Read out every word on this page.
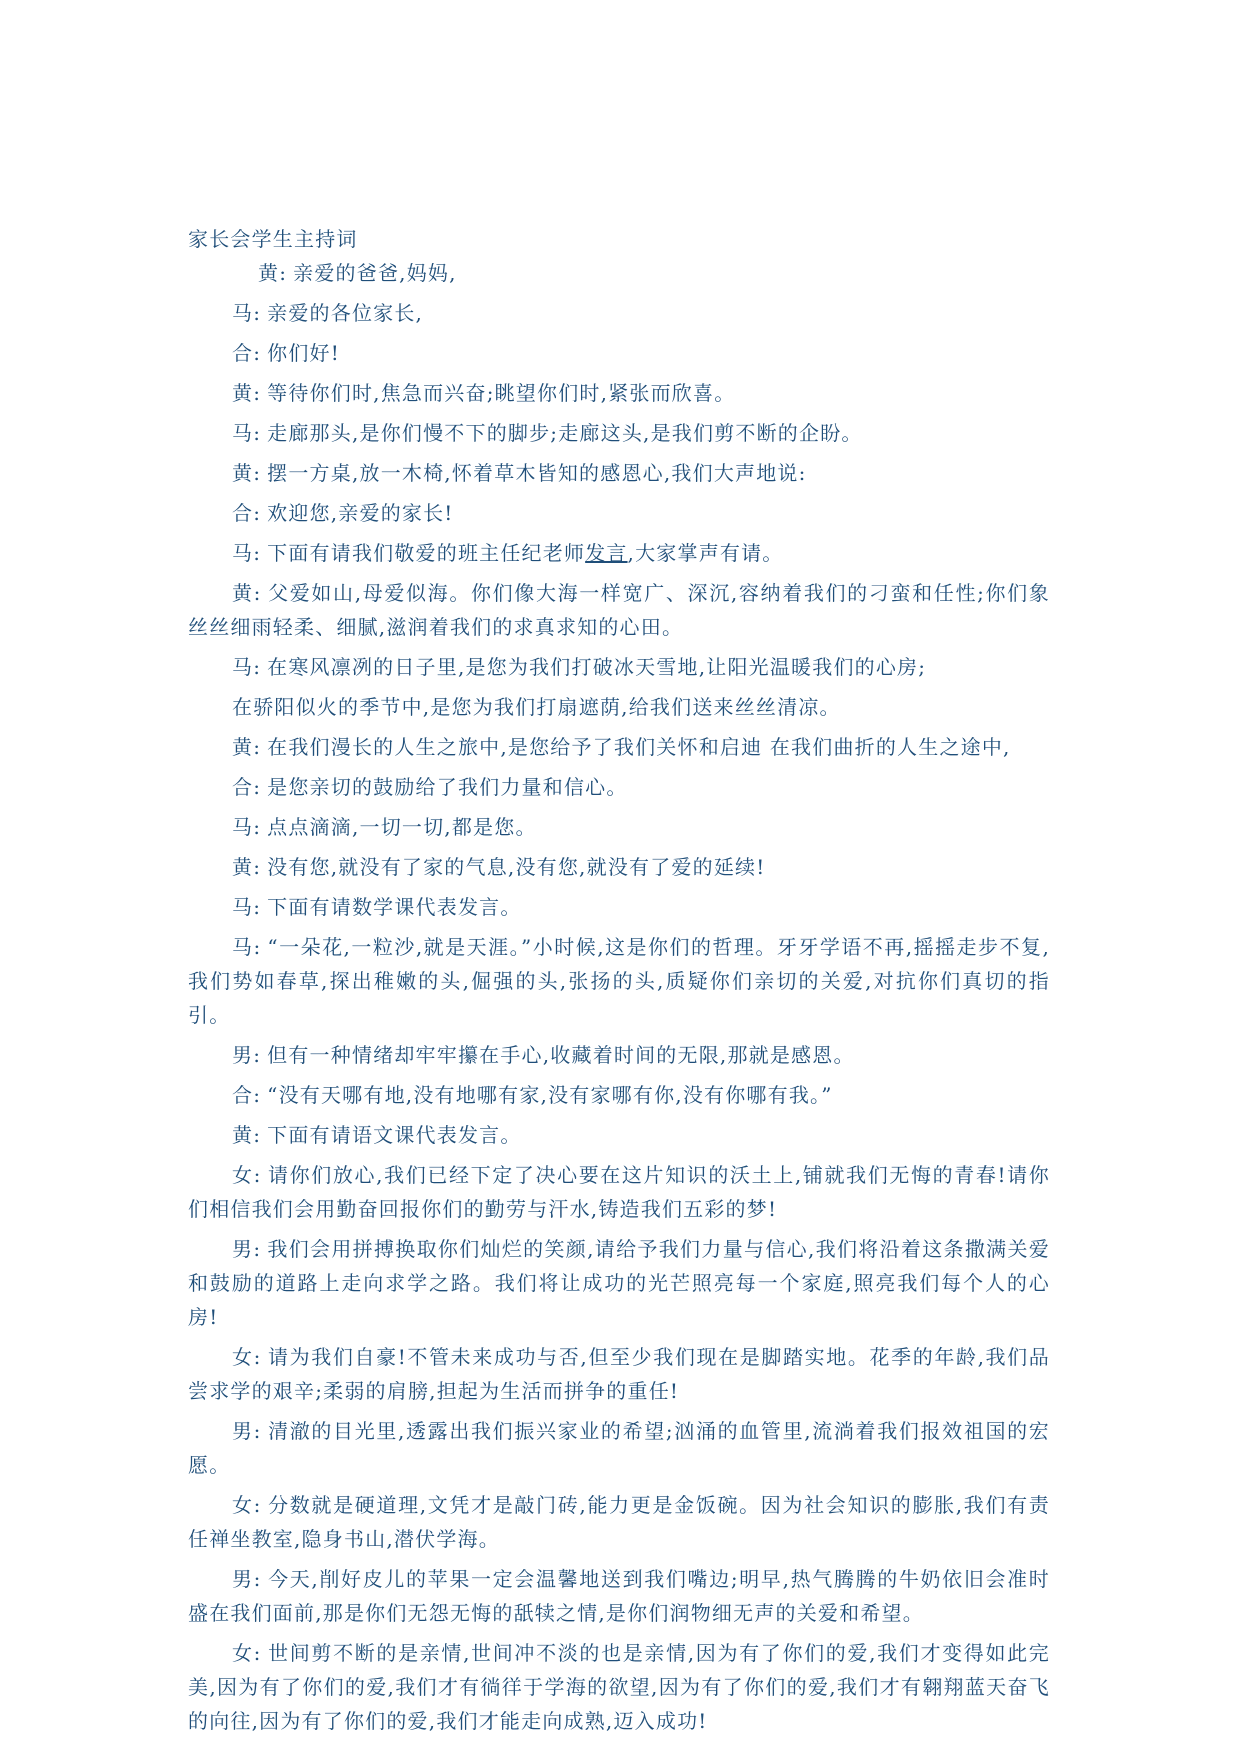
家长会学生主持词

黄: 亲爱的爸爸,妈妈,

马: 亲爱的各位家长,

合: 你们好!

黄: 等待你们时,焦急而兴奋;眺望你们时,紧张而欣喜。

马: 走廊那头,是你们慢不下的脚步;走廊这头,是我们剪不断的企盼。

黄: 摆一方桌,放一木椅,怀着草木皆知的感恩心,我们大声地说:

合: 欢迎您,亲爱的家长!

马: 下面有请我们敬爱的班主任纪老师发言,大家掌声有请。

黄: 父爱如山,母爱似海。你们像大海一样宽广、深沉,容纳着我们的刁蛮和任性;你们象丝丝细雨轻柔、细腻,滋润着我们的求真求知的心田。

马: 在寒风凛冽的日子里,是您为我们打破冰天雪地,让阳光温暖我们的心房;

在骄阳似火的季节中,是您为我们打扇遮荫,给我们送来丝丝清凉。

黄: 在我们漫长的人生之旅中,是您给予了我们关怀和启迪 在我们曲折的人生之途中,

合: 是您亲切的鼓励给了我们力量和信心。

马: 点点滴滴,一切一切,都是您。

黄: 没有您,就没有了家的气息,没有您,就没有了爱的延续!

马: 下面有请数学课代表发言。

马: “一朵花,一粒沙,就是天涯。”小时候,这是你们的哲理。牙牙学语不再,摇摇走步不复,我们势如春草,探出稚嫩的头,倔强的头,张扬的头,质疑你们亲切的关爱,对抗你们真切的指引。

男: 但有一种情绪却牢牢攥在手心,收藏着时间的无限,那就是感恩。

合: “没有天哪有地,没有地哪有家,没有家哪有你,没有你哪有我。”

黄: 下面有请语文课代表发言。

女: 请你们放心,我们已经下定了决心要在这片知识的沃土上,铺就我们无悔的青春!请你们相信我们会用勤奋回报你们的勤劳与汗水,铸造我们五彩的梦!

男: 我们会用拼搏换取你们灿烂的笑颜,请给予我们力量与信心,我们将沿着这条撒满关爱和鼓励的道路上走向求学之路。我们将让成功的光芒照亮每一个家庭,照亮我们每个人的心房!

女: 请为我们自豪!不管未来成功与否,但至少我们现在是脚踏实地。花季的年龄,我们品尝求学的艰辛;柔弱的肩膀,担起为生活而拼争的重任!

男: 清澈的目光里,透露出我们振兴家业的希望;汹涌的血管里,流淌着我们报效祖国的宏愿。

女: 分数就是硬道理,文凭才是敲门砖,能力更是金饭碗。因为社会知识的膨胀,我们有责任禅坐教室,隐身书山,潜伏学海。

男: 今天,削好皮儿的苹果一定会温馨地送到我们嘴边;明早,热气腾腾的牛奶依旧会准时盛在我们面前,那是你们无怨无悔的舐犊之情,是你们润物细无声的关爱和希望。

女: 世间剪不断的是亲情,世间冲不淡的也是亲情,因为有了你们的爱,我们才变得如此完美,因为有了你们的爱,我们才有徜徉于学海的欲望,因为有了你们的爱,我们才有翱翔蓝天奋飞的向往,因为有了你们的爱,我们才能走向成熟,迈入成功!
